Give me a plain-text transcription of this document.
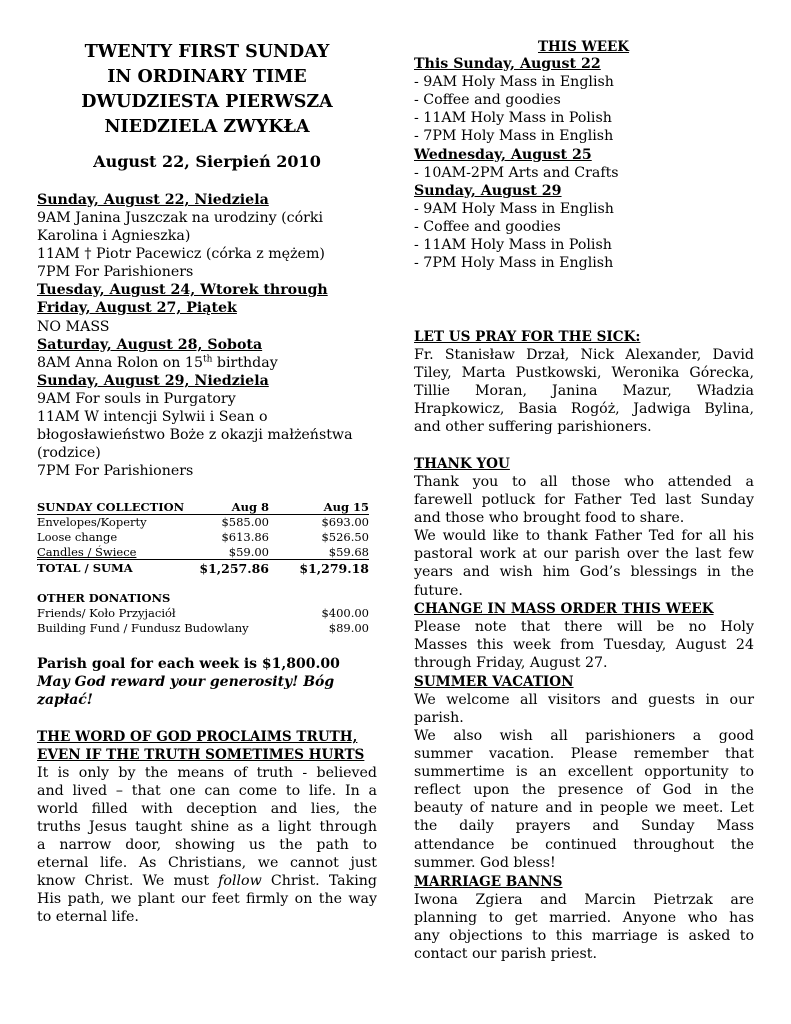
TWENTY FIRST SUNDAY
IN ORDINARY TIME
DWUDZIESTA PIERWSZA
NIEDZIELA ZWYKŁA
August 22, Sierpień 2010
Sunday, August 22, Niedziela
9AM Janina Juszczak na urodziny (córki
Karolina i Agnieszka)
11AM † Piotr Pacewicz (córka z mężem)
7PM For Parishioners
Tuesday, August 24, Wtorek through
Friday, August 27, Piątek
NO MASS
Saturday, August 28, Sobota
8AM Anna Rolon on 15th birthday
Sunday, August 29, Niedziela
9AM For souls in Purgatory
11AM W intencji Sylwii i Sean o
błogosławieństwo Boże z okazji małżeństwa
(rodzice)
7PM For Parishioners
SUNDAY COLLECTION	Aug 8	Aug 15
Envelopes/Koperty	$585.00	$693.00
Loose change	$613.86	$526.50
Candles / Świece	$59.00	$59.68
TOTAL / SUMA	$1,257.86 $1,279.18
OTHER DONATIONS
Friends/ Koło Przyjaciół	$400.00
Building Fund / Fundusz Budowlany	$89.00
Parish goal for each week is $1,800.00
May God reward your generosity! Bóg
zapłać!
THE WORD OF GOD PROCLAIMS TRUTH,
EVEN IF THE TRUTH SOMETIMES HURTS
It is only by the means of truth - believed
and lived – that one can come to life. In a
world filled with deception and lies, the
truths Jesus taught shine as a light through
a narrow door, showing us the path to
eternal life. As Christians, we cannot just
know Christ. We must follow Christ. Taking
His path, we plant our feet firmly on the way
to eternal life.
THIS WEEK
This Sunday, August 22
- 9AM Holy Mass in English
- Coffee and goodies
- 11AM Holy Mass in Polish
- 7PM Holy Mass in English
Wednesday, August 25
- 10AM-2PM Arts and Crafts
Sunday, August 29
- 9AM Holy Mass in English
- Coffee and goodies
- 11AM Holy Mass in Polish
- 7PM Holy Mass in English
LET US PRAY FOR THE SICK:
Fr. Stanisław Drzał, Nick Alexander, David
Tiley, Marta Pustkowski, Weronika Górecka,
Tillie    Moran,    Janina    Mazur,    Władzia
Hrapkowicz, Basia Rogóż, Jadwiga Bylina,
and other suffering parishioners.
THANK YOU
Thank you to all those who attended a
farewell potluck for Father Ted last Sunday
and those who brought food to share.
We would like to thank Father Ted for all his
pastoral work at our parish over the last few
years and wish him God’s blessings in the
future.
CHANGE IN MASS ORDER THIS WEEK
Please note that there will be no Holy
Masses this week from Tuesday, August 24
through Friday, August 27.
SUMMER VACATION
We welcome all visitors and guests in our
parish.
We also wish all parishioners a good
summer vacation. Please remember that
summertime is an excellent opportunity to
reflect upon the presence of God in the
beauty of nature and in people we meet. Let
the daily prayers and Sunday Mass
attendance be continued throughout the
summer. God bless!
MARRIAGE BANNS
Iwona Zgiera and Marcin Pietrzak are
planning to get married. Anyone who has
any objections to this marriage is asked to
contact our parish priest.
